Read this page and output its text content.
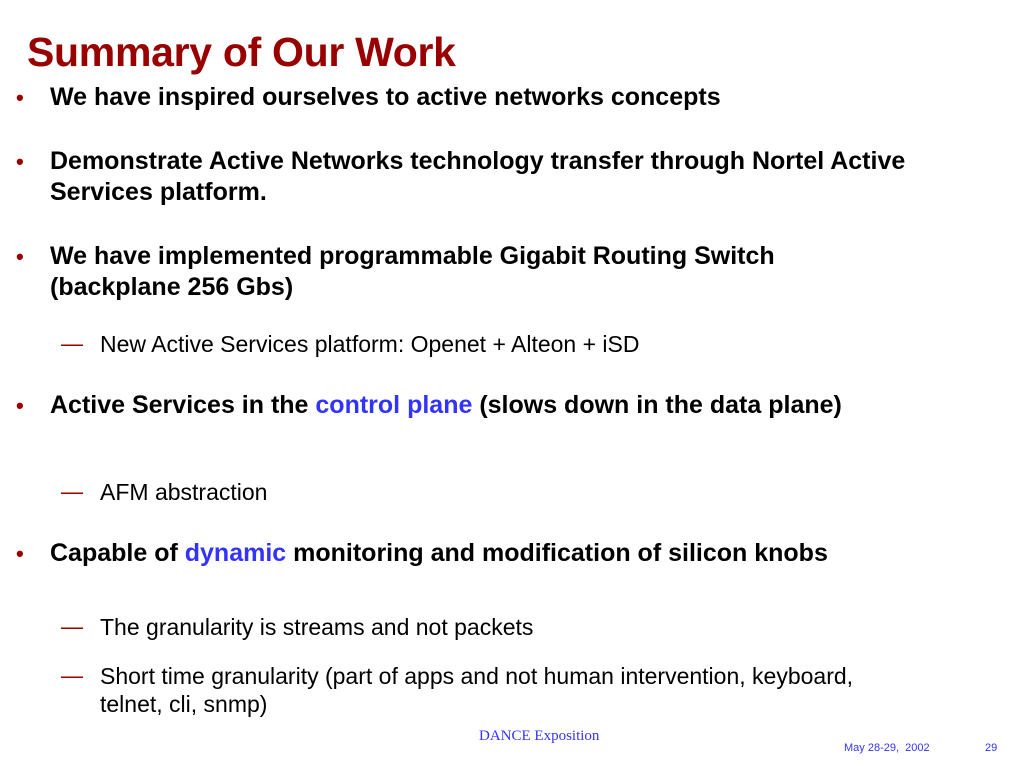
Summary of Our Work
•	We have inspired ourselves to active networks concepts
•	Demonstrate Active Networks technology transfer through Nortel Active Services platform.
•	We have implemented programmable Gigabit Routing Switch (backplane 256 Gbs)
— New Active Services platform: Openet + Alteon + iSD
•	Active Services in the control plane (slows down in the data plane)
— AFM abstraction
•	Capable of dynamic monitoring and modification of silicon knobs
— The granularity is streams and not packets
— Short time granularity (part of apps and not human intervention, keyboard, telnet, cli, snmp)
DANCE Exposition
May 28-29,  2002	29
